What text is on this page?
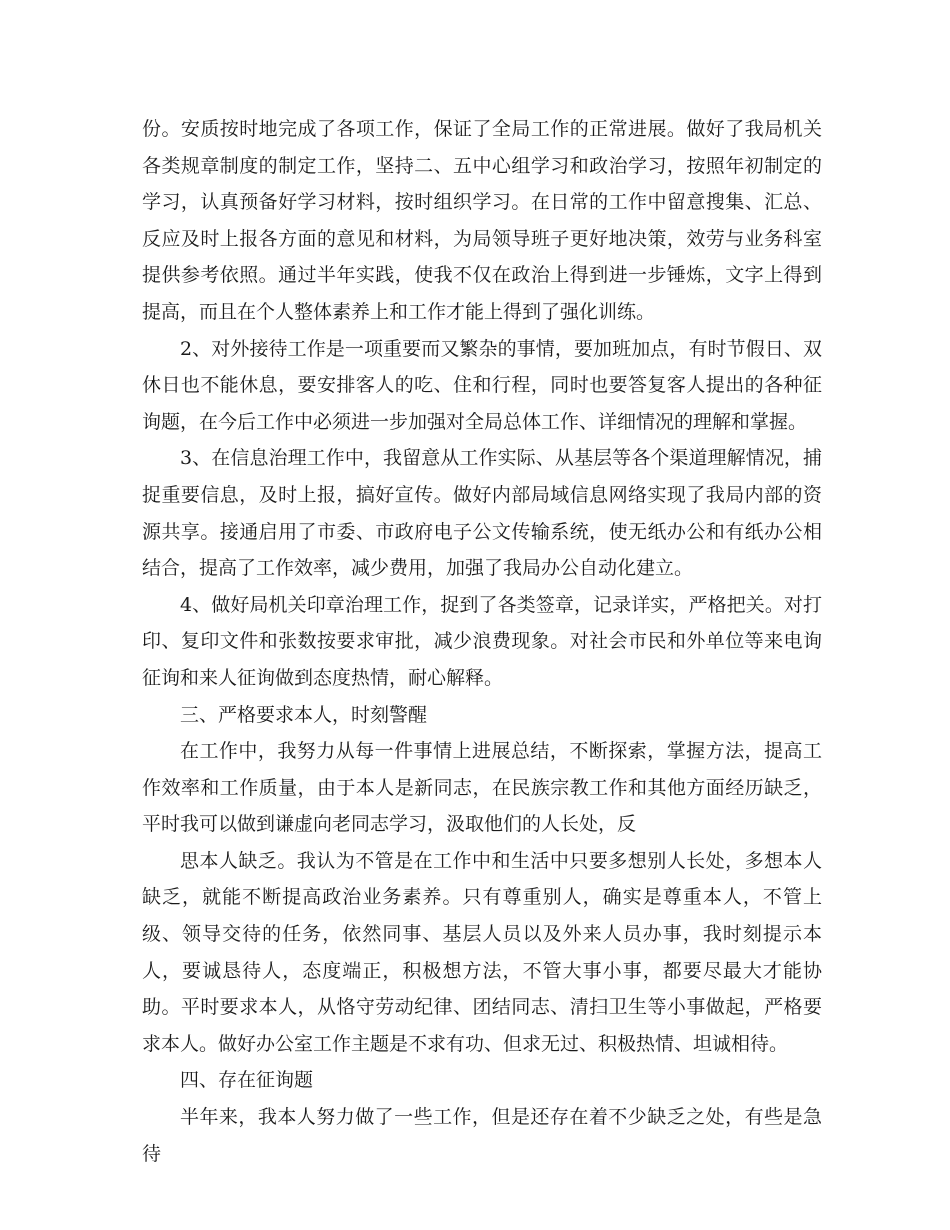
份。安质按时地完成了各项工作，保证了全局工作的正常进展。做好了我局机关各类规章制度的制定工作，坚持二、五中心组学习和政治学习，按照年初制定的学习，认真预备好学习材料，按时组织学习。在日常的工作中留意搜集、汇总、反应及时上报各方面的意见和材料，为局领导班子更好地决策，效劳与业务科室提供参考依照。通过半年实践，使我不仅在政治上得到进一步锤炼，文字上得到提高，而且在个人整体素养上和工作才能上得到了强化训练。

2、对外接待工作是一项重要而又繁杂的事情，要加班加点，有时节假日、双休日也不能休息，要安排客人的吃、住和行程，同时也要答复客人提出的各种征询题，在今后工作中必须进一步加强对全局总体工作、详细情况的理解和掌握。

3、在信息治理工作中，我留意从工作实际、从基层等各个渠道理解情况，捕捉重要信息，及时上报，搞好宣传。做好内部局域信息网络实现了我局内部的资源共享。接通启用了市委、市政府电子公文传输系统，使无纸办公和有纸办公相结合，提高了工作效率，减少费用，加强了我局办公自动化建立。

4、做好局机关印章治理工作，捉到了各类签章，记录详实，严格把关。对打印、复印文件和张数按要求审批，减少浪费现象。对社会市民和外单位等来电询征询和来人征询做到态度热情，耐心解释。

三、严格要求本人，时刻警醒

在工作中，我努力从每一件事情上进展总结，不断探索，掌握方法，提高工作效率和工作质量，由于本人是新同志，在民族宗教工作和其他方面经历缺乏，平时我可以做到谦虚向老同志学习，汲取他们的人长处，反

思本人缺乏。我认为不管是在工作中和生活中只要多想别人长处，多想本人缺乏，就能不断提高政治业务素养。只有尊重别人，确实是尊重本人，不管上级、领导交待的任务，依然同事、基层人员以及外来人员办事，我时刻提示本人，要诚恳待人，态度端正，积极想方法，不管大事小事，都要尽最大才能协助。平时要求本人，从恪守劳动纪律、团结同志、清扫卫生等小事做起，严格要求本人。做好办公室工作主题是不求有功、但求无过、积极热情、坦诚相待。

四、存在征询题

半年来，我本人努力做了一些工作，但是还存在着不少缺乏之处，有些是急待
